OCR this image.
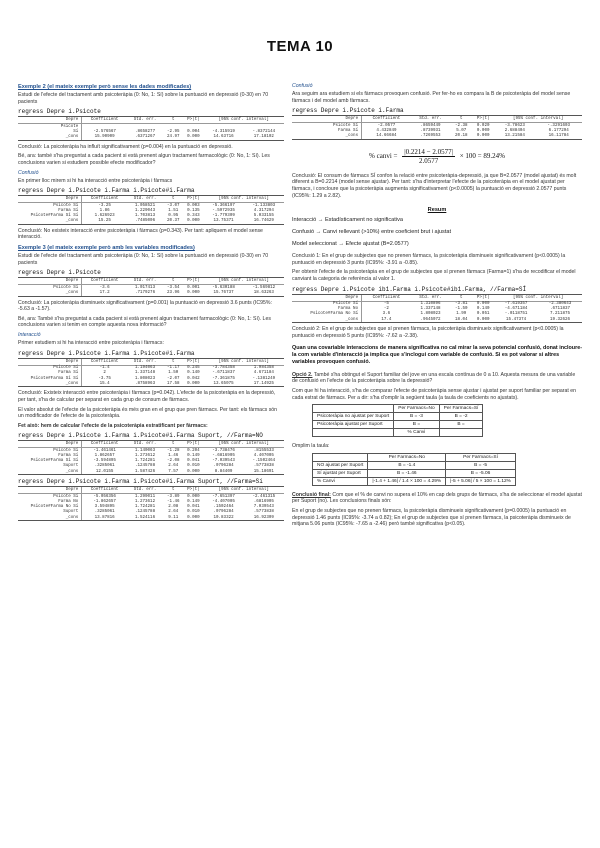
TEMA 10
Exemple 2 (el mateix exemple però sense les dades modificades)
Estudi de l'efecte del tractament amb psicoteràpia (0: No, 1: Sí) sobre la puntuació en depressió (0-30) en 70 pacients
regress Depre i.Psicote
Depre	Coefficient	Std. err.	t	P>|t|	[95% conf. interval]	
Psicote						
Sí	-2.576567	.8658277	-2.95	0.004	-4.315919	-.8372144
_cons	15.90909	.6371267	24.97	0.000	14.63716	17.18102
Conclusió: La psicoteràpia ha influït significativament (p=0.004) en la puntuació en depressió.
Bé, ara: també s'ha preguntat a cada pacient si està prenent algun tractament farmacològic (0: No, 1: Sí). Les conclusions varien si estudiem possible efecte modificador?
Confusió
En primer lloc mirem si hi ha interacció entre psicoteràpia i fàrmacs
regress Depre i.Psicote i.Farma i.Psicote#i.Farma
Depre	Coefficient	Std. err.	t	P>|t|	[95% conf. interval]	
Psicote Sí	-3.25	1.058521	-3.07	0.003	-5.366197	-1.133803
Farma Sí	1.86	1.229043	1.51	0.135	-.5972935	4.317294
Psicote#Farma Sí Sí	1.626923	1.703813	0.95	0.343	-1.779309	5.033155
_cons	15.25	.7485006	20.37	0.000	13.75371	16.74629
Conclusió: No existeix interacció entre psicoteràpia i fàrmacs (p=0.343). Per tant: apliquem el model sense interacció.
Exemple 3 (el mateix exemple però amb les variables modificades)
Estudi de l'efecte del tractament amb psicoteràpia (0: No, 1: Sí) sobre la puntuació en depressió (0-30) en 70 pacients
regress Depre i.Psicote
Depre	Coefficient	Std. err.	t	P>|t|	[95% conf. interval]	
Psicote Sí	-3.6	1.017413	-3.54	0.001	-5.630188	-1.569812
_cons	17.2	.7179276	23.96	0.000	15.76737	18.63263
Conclusió: La psicoteràpia disminueix significativament (p=0.001) la puntuació en depressió 3.6 punts (IC95%: -5.63 a -1.57).
Bé, ara: També s'ha preguntat a cada pacient si està prenent algun tractament farmacològic (0: No, 1: Sí). Les conclusions varien si tenim en compte aquesta nova informació?
Interacció
Primer estudiem si hi ha interacció entre psicoteràpia i fàrmacs:
regress Depre i.Psicote i.Farma i.Psicote#i.Farma
Depre	Coefficient	Std. err.	t	P>|t|	[95% conf. interval]	
Psicote Sí	-1.4	1.194063	-1.17	0.245	-3.784358	1.984358
Farma Sí	2	1.337148	1.50	0.140	-.6711837	4.671184
Psicote#Farma Sí Sí	-3.75	1.808023	-2.07	0.042	-7.361875	-.1381249
_cons	15.4	.8758963	17.58	0.000	13.65075	17.14925
Conclusió: Existeix interacció entre psicoteràpia i fàrmacs (p=0.042). L'efecte de la psicoteràpia en la depressió, per tant, s'ha de calcular per separat en cada grup de consum de fàrmacs.
El valor absolut de l'efecte de la psicoteràpia és més gran en el grup que pren fàrmacs. Per tant: els fàrmacs són un modificador de l'efecte de la psicoteràpia.
Fet això: hem de calcular l'efecte de la psicoteràpia estratificant per fàrmacs:
regress Depre i.Psicote i.Farma i.Psicote#i.Farma Suport, //Farma=NO
Depre	Coefficient	Std. err.	t	P>|t|	[95% conf. interval]	
Psicote Sí	-1.461461	1.140063	-1.28	0.204	-3.738476	.8155533
Farma Sí	1.862657	1.273612	1.46	0.149	-.6816905	4.407005
Psicote#Farma Sí Sí	-3.594895	1.724281	-2.08	0.041	-7.039543	-.1502464
Suport	.3285061	.1245788	2.64	0.010	.0796284	.5773838
_cons	12.0155	1.587426	7.57	0.000	8.84409	15.18691
regress Depre i.Psicote i.Farma i.Psicote#i.Farma Suport, //Farma=Sí
Depre	Coefficient	Std. err.	t	P>|t|	[95% conf. interval]	
Psicote Sí	-5.056356	1.299011	-3.89	0.000	-7.651397	-2.461315
Farma No	-1.862657	1.273612	-1.46	0.149	-4.407005	.6816905
Psicote#Farma No Sí	3.594895	1.724281	2.08	0.041	.1502464	7.039543
Suport	.3285061	.1245788	2.64	0.010	.0796284	.5773838
_cons	13.87816	1.524116	9.11	0.000	10.83322	16.92309
Confusió
Ara seguim ara estudiem si els fàrmacs provoquen confusió. Per fer-ho es compara la B de psicoteràpia del model sense fàrmacs i del model amb fàrmacs.
regress Depre i.Psicote i.Farma
Depre	Coefficient	Std. err.	t	P>|t|	[95% conf. interval]	
Psicote Sí	-2.0577	.8659449	-2.38	0.020	-3.78623	-.3291603
Farma Sí	4.432849	.8739931	5.07	0.000	2.688404	6.177294
_cons	14.66684	.7269553	20.18	0.000	13.21584	16.11784
% canvi = $\frac{|0.2214 - 2.0577|}{2.0577} \times 100 = 89.24\%$
Conclusió: El consum de fàrmacs SÍ confon la relació entre psicoteràpia-depressió, ja que B=2.0577 (model ajustat) és molt diferent a B=0.2214 (model sense ajustar). Per tant: s'ha d'interpretar l'efecte de la psicoteràpia en el model ajustat per fàrmacs, i concloure que la psicoteràpia augmenta significativament (p<0.0005) la puntuació en depressió 2.0577 punts (IC95%: 1.29 a 2.82).
Resum
Interacció → Estadísticament no significativa
Confusió → Canvi rellevant (>10%) entre coeficient brut i ajustat
Model seleccionat → Efecte ajustat (B=2.0577)
Conclusió 1: En el grup de subjectes que no prenen fàrmacs, la psicoteràpia disminueix significativament (p<0.0005) la puntuació en depressió 3 punts (IC95%: -3.91 a -0.85).
Per obtenir l'efecte de la psicoteràpia en el grup de subjectes que sí prenen fàrmacs (Farma=1) s'ha de recodificar el model canviant la categoria de referència al valor 1.
regress Depre i.Psicote ib1.Farma i.Psicote#ib1.Farma, //Farma=SÍ
Depre	Coefficient	Std. err.	t	P>|t|	[95% conf. interval]	
Psicote Sí	-5	1.310896	-3.81	0.000	-7.619357	-2.380643
Farma No	-2	1.337148	-1.50	0.140	-4.671184	.6711837
Psicote#Farma No Sí	3.6	1.808023	1.99	0.051	-.0118751	7.211875
_cons	17.4	.9645072	18.04	0.000	15.47374	19.32626
Conclusió 2: En el grup de subjectes que sí prenen fàrmacs, la psicoteràpia disminueix significativament (p<0.0005) la puntuació en depressió 5 punts (IC95%: -7.62 a -2.38).
Quan una covariable interaccions de manera significativa no cal mirar la seva potencial confusió, donat incloure-la com variable d'interacció ja implica que s'inclogui com variable de confusió. Si es pot valorar si altres variables provoquen confusió.
Opció 2. També s'ha obtingut el Suport familiar del jove en una escala contínua de 0 a 10. Aquesta mesura de una variable de confusió en l'efecte de la psicoteràpia sobre la depressió?
Com que hi ha interacció, s'ha de comparar l'efecte de psicoteràpia sense ajustar i ajustat per suport familiar per separat en cada estrat de fàrmacs. Per a dir: s'ha d'omplir la següent taula (a taula de coeficients no ajustats).
	Per Farmacs=No	Per Farmacs=Sí
Psicoteràpia no ajustat per Suport	B = -3	B = -2
Psicoteràpia ajustat per Suport	B =	B =
	% Canvi	
Omplim la taula:
	Per Farmacs=No	Per Farmacs=Sí
NO ajustat per Suport	B = -1.4	B = -5
Sí ajustat per Suport	B = -1.46	B = -5.06
% Canvi	|-1.4 + 1.46| / 1.4 × 100 = 4.29%	|-5 + 5.06| / 5 × 100 = 1.12%
Conclusió final: Com que el % de canvi no supera el 10% en cap dels grups de fàrmacs, s'ha de seleccionar el model ajustat per Suport (no). Les conclusions finals són:
En el grup de subjectes que no prenen fàrmacs, la psicoteràpia disminueix significativament (p=0.0005) la puntuació en depressió 1.46 punts (IC95%: -3.74 a 0.82); En el grup de subjectes que sí prenen fàrmacs, la psicoteràpia disminueix de mitjana 5.06 punts (IC95%: -7.65 a -2.46) però també significativa (p<0.05).
